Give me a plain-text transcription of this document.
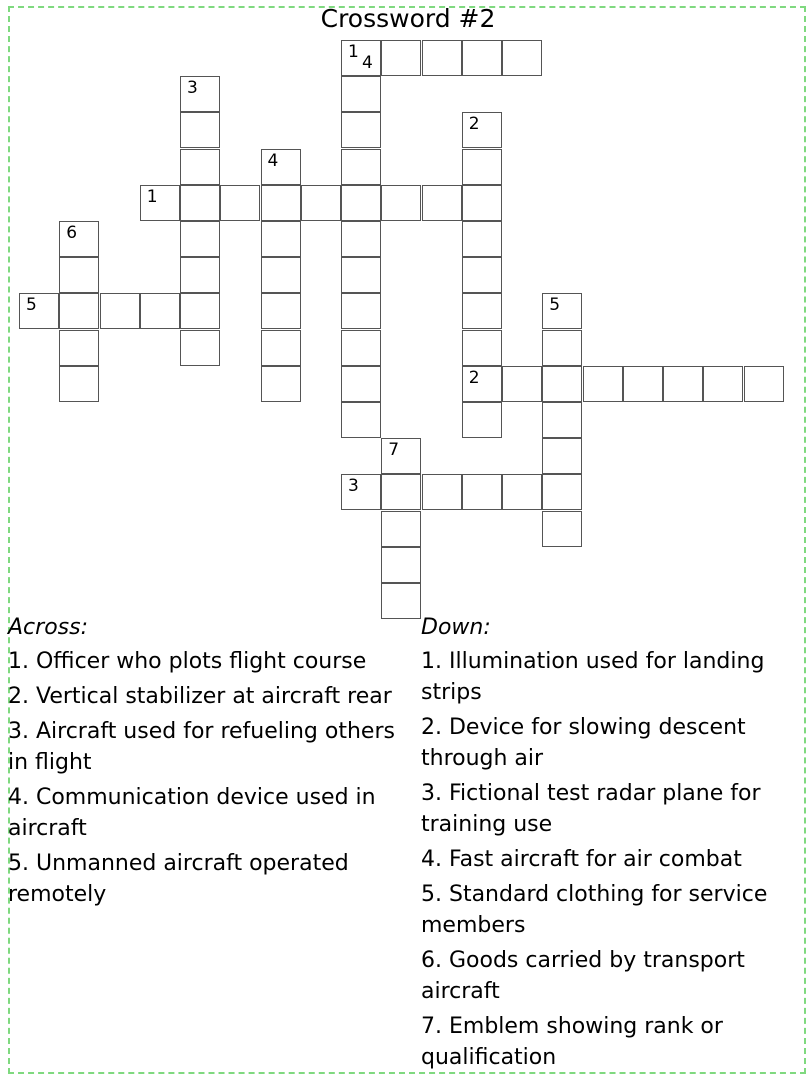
Crossword #2
1
4
3
2
4
1
6
5	5
2
7
3
Across:
1. Officer who plots flight course
2. Vertical stabilizer at aircraft rear
3. Aircraft used for refueling others in flight
4. Communication device used in aircraft
5. Unmanned aircraft operated remotely
Down:
1. Illumination used for landing strips
2. Device for slowing descent through air
3. Fictional test radar plane for training use
4. Fast aircraft for air combat
5. Standard clothing for service members
6. Goods carried by transport aircraft
7. Emblem showing rank or qualification
